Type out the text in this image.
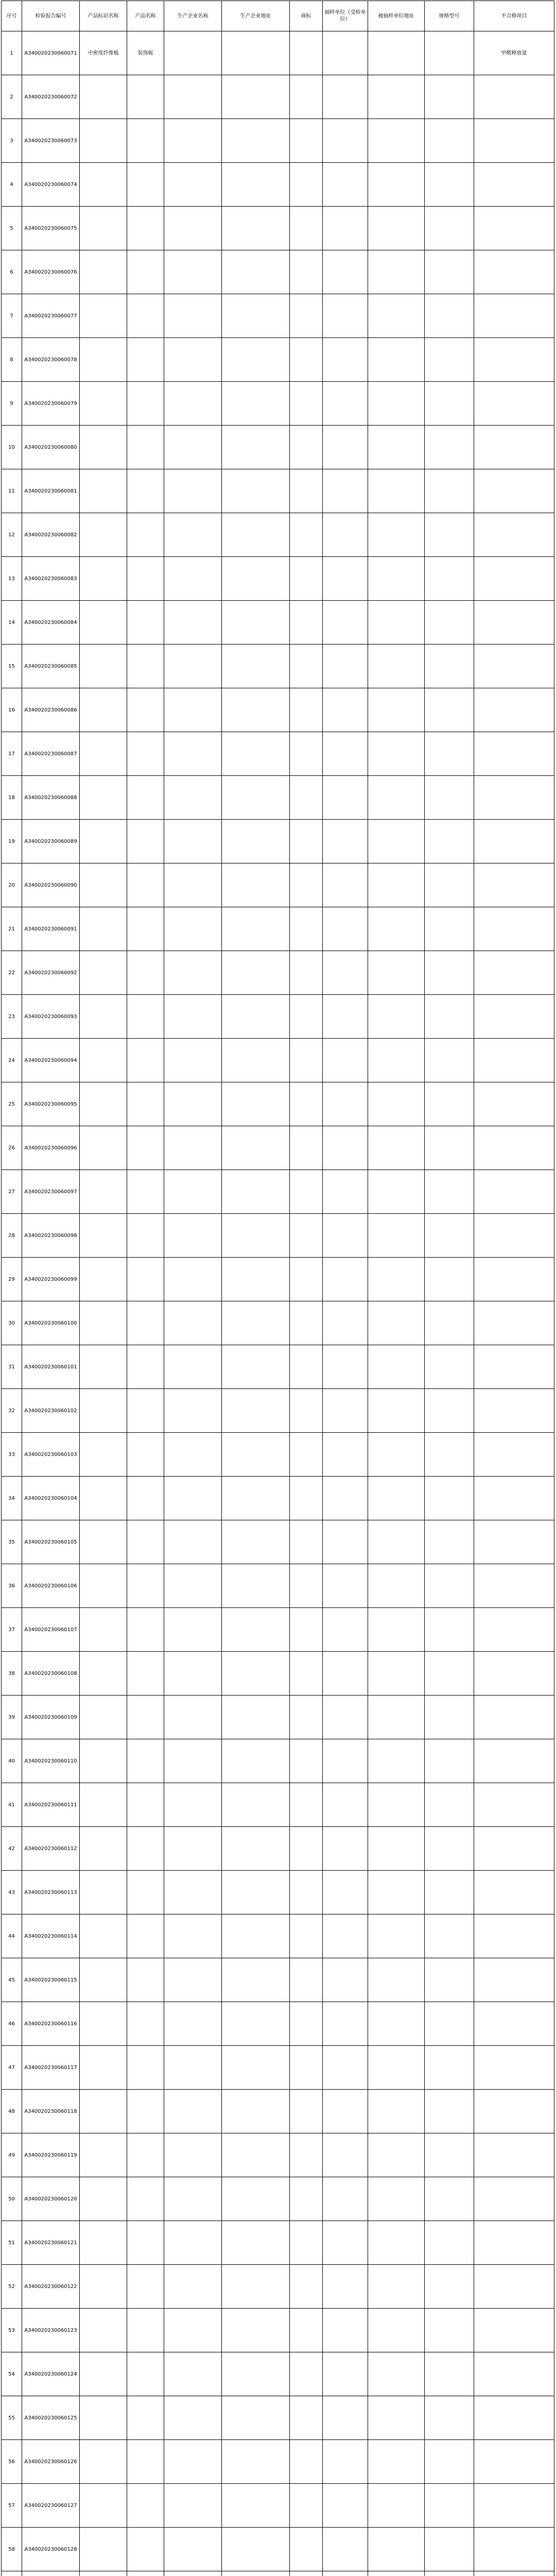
序号	检验报告编号	产品标识名称	产品名称	生产企业名称	生产企业地址	商标	抽样单位（受检单位）	被抽样单位地址	规格型号	不合格项目
1	A340020230060071	中密度纤维板	装饰板							甲醛释放量
2	A340020230060072									
3	A340020230060073									
4	A340020230060074									
5	A340020230060075									
6	A340020230060076									
7	A340020230060077									
8	A340020230060078									
9	A340020230060079									
10	A340020230060080									
11	A340020230060081									
12	A340020230060082									
13	A340020230060083									
14	A340020230060084									
15	A340020230060085									
16	A340020230060086									
17	A340020230060087									
18	A340020230060088									
19	A340020230060089									
20	A340020230060090									
21	A340020230060091									
22	A340020230060092									
23	A340020230060093									
24	A340020230060094									
25	A340020230060095									
26	A340020230060096									
27	A340020230060097									
28	A340020230060098									
29	A340020230060099									
30	A340020230060100									
31	A340020230060101									
32	A340020230060102									
33	A340020230060103									
34	A340020230060104									
35	A340020230060105									
36	A340020230060106									
37	A340020230060107									
38	A340020230060108									
39	A340020230060109									
40	A340020230060110									
41	A340020230060111									
42	A340020230060112									
43	A340020230060113									
44	A340020230060114									
45	A340020230060115									
46	A340020230060116									
47	A340020230060117									
48	A340020230060118									
49	A340020230060119									
50	A340020230060120									
51	A340020230060121									
52	A340020230060122									
53	A340020230060123									
54	A340020230060124									
55	A340020230060125									
56	A340020230060126									
57	A340020230060127									
58	A340020230060128									
